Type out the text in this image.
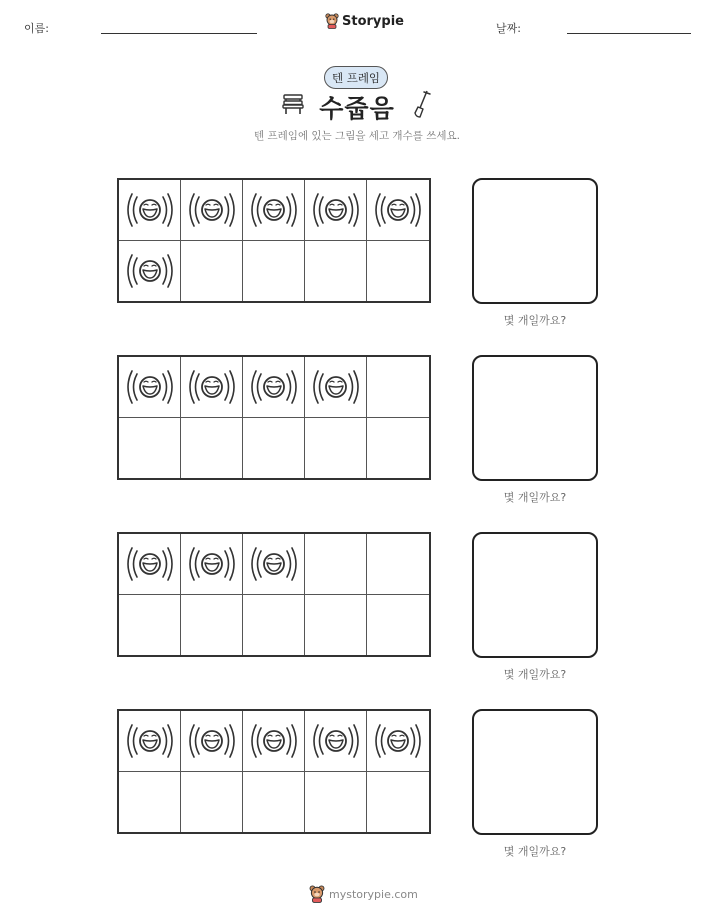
이름:	Storypie	날짜:
텐 프레임
수줍음
텐 프레임에 있는 그림을 세고 개수를 쓰세요.
몇 개일까요?
몇 개일까요?
몇 개일까요?
몇 개일까요?
mystorypie.com
